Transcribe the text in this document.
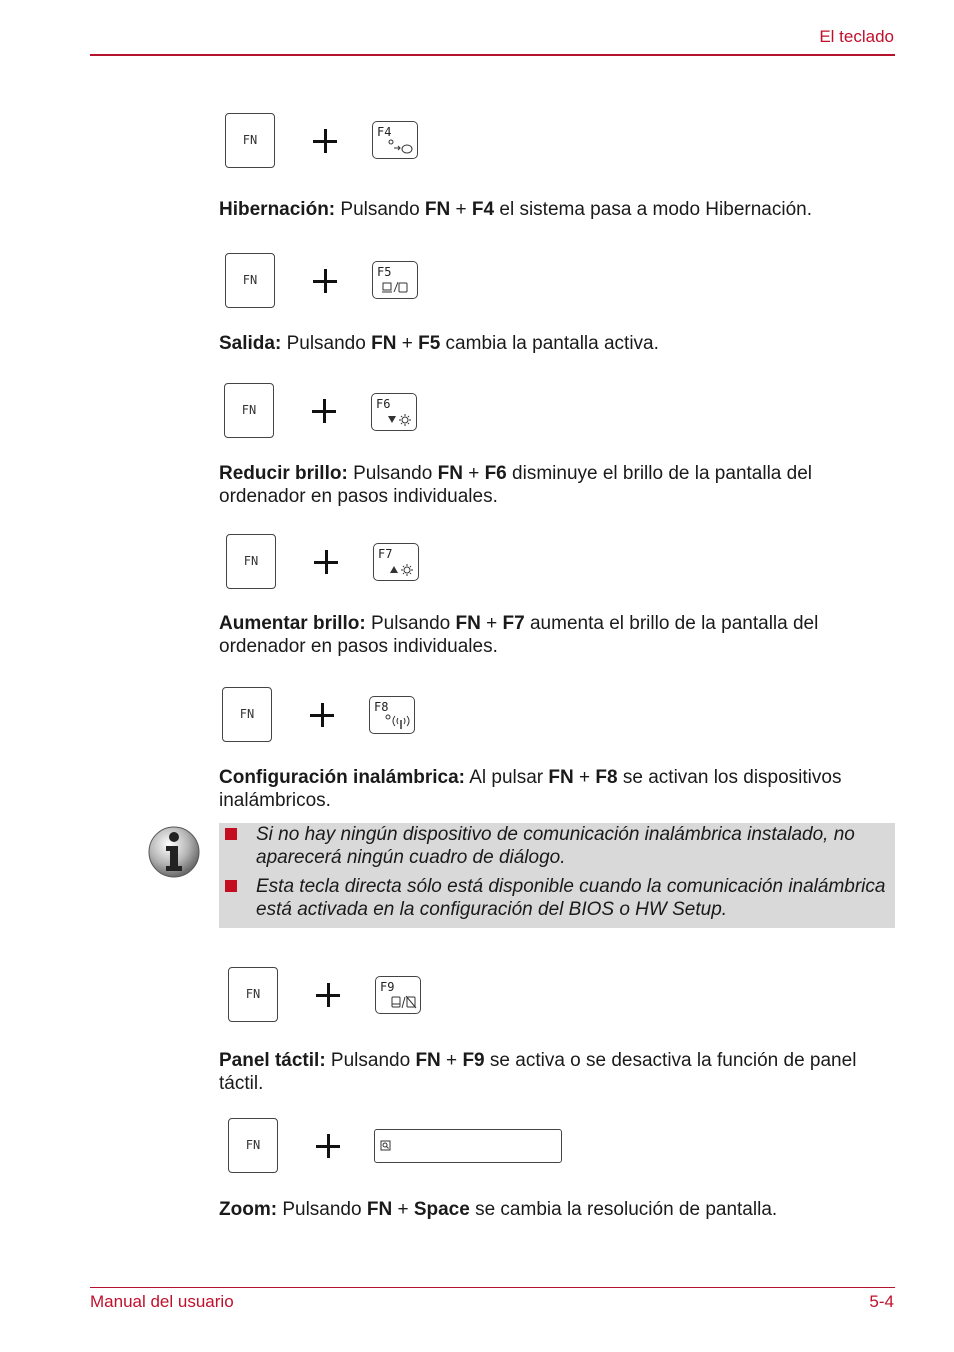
El teclado
FN
F4
Hibernación: Pulsando FN + F4 el sistema pasa a modo Hibernación.
FN
F5
Salida: Pulsando FN + F5 cambia la pantalla activa.
FN	F6
Reducir brillo: Pulsando FN + F6 disminuye el brillo de la pantalla del ordenador en pasos individuales.
FN	F7
Aumentar brillo: Pulsando FN + F7 aumenta el brillo de la pantalla del ordenador en pasos individuales.
FN	F8
Configuración inalámbrica: Al pulsar FN + F8 se activan los dispositivos inalámbricos.
Si no hay ningún dispositivo de comunicación inalámbrica instalado, no aparecerá ningún cuadro de diálogo.
Esta tecla directa sólo está disponible cuando la comunicación inalámbrica está activada en la configuración del BIOS o HW Setup.
FN	F9
Panel táctil: Pulsando FN + F9 se activa o se desactiva la función de panel táctil.
FN
Zoom: Pulsando FN + Space se cambia la resolución de pantalla.
Manual del usuario	5-4
